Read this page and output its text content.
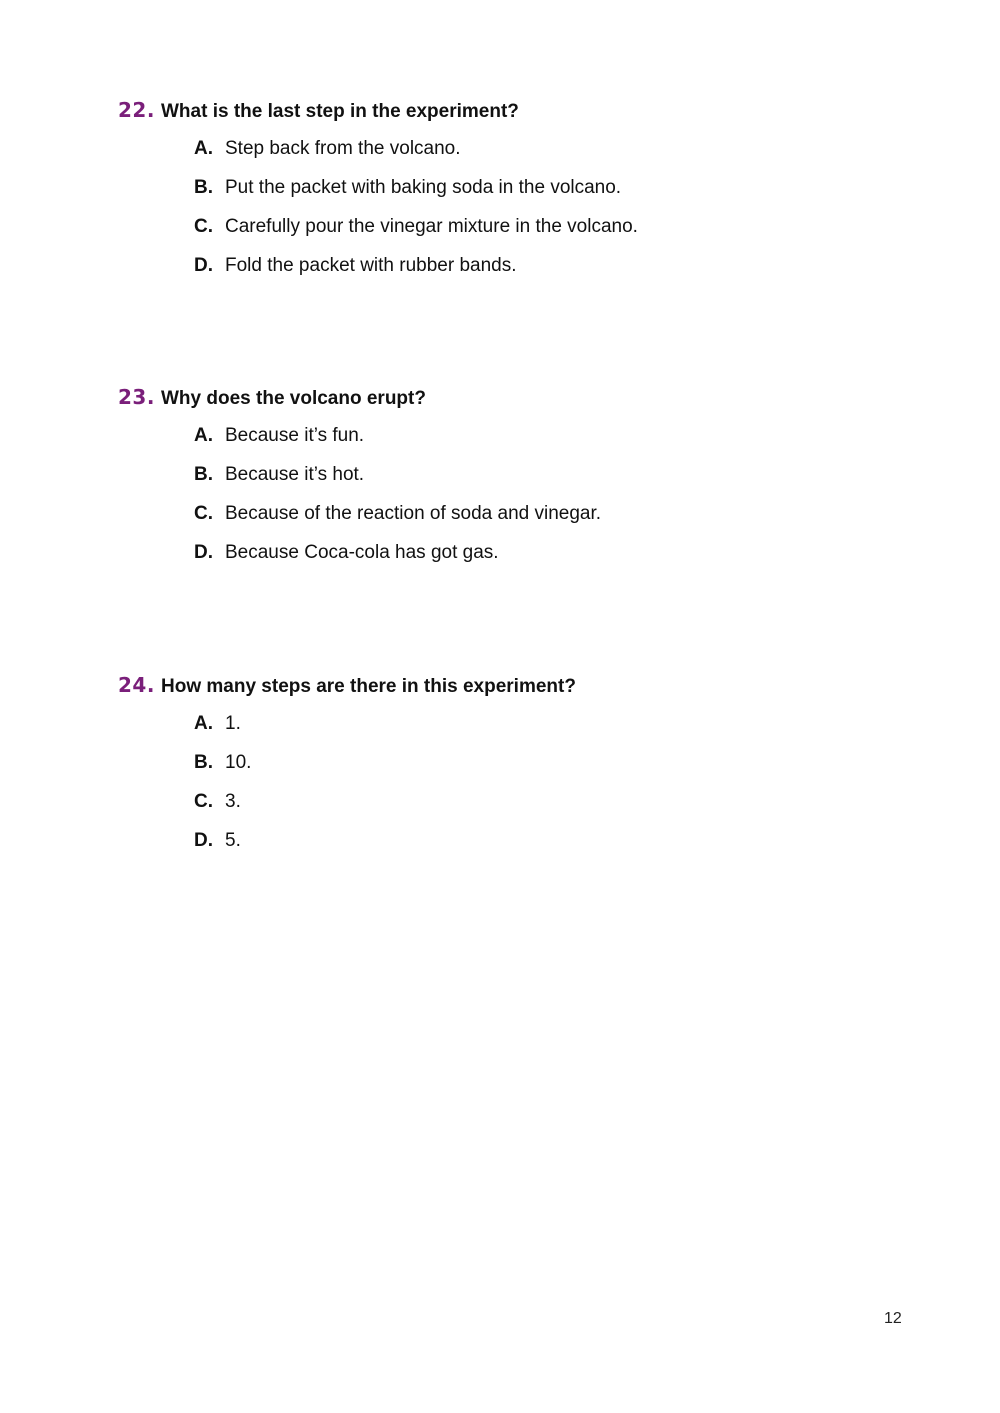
22. What is the last step in the experiment?
A. Step back from the volcano.
B. Put the packet with baking soda in the volcano.
C. Carefully pour the vinegar mixture in the volcano.
D. Fold the packet with rubber bands.
23. Why does the volcano erupt?
A. Because it’s fun.
B. Because it’s hot.
C. Because of the reaction of soda and vinegar.
D. Because Coca-cola has got gas.
24. How many steps are there in this experiment?
A. 1.
B. 10.
C. 3.
D. 5.
12
